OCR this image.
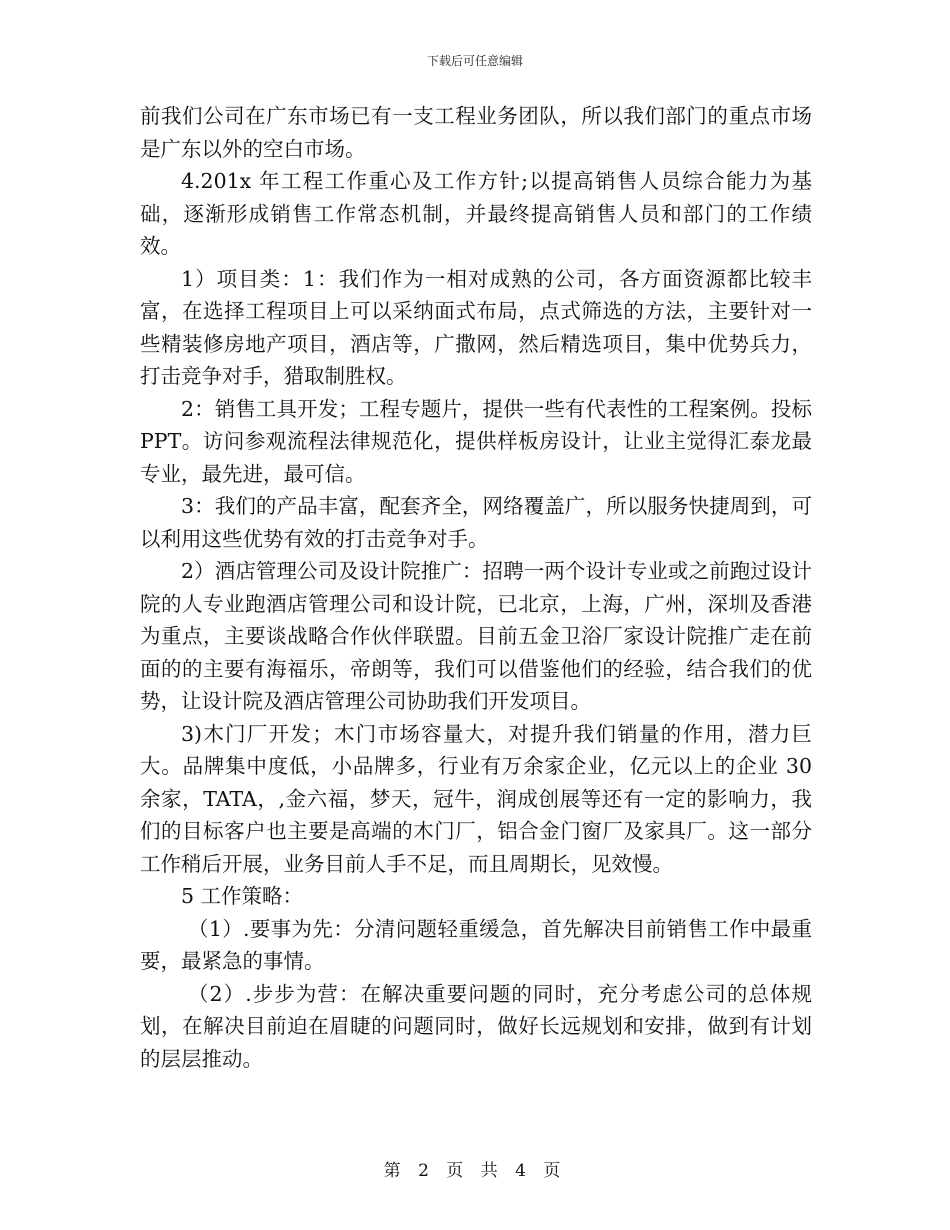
下载后可任意编辑

前我们公司在广东市场已有一支工程业务团队，所以我们部门的重点市场是广东以外的空白市场。

4.201x 年工程工作重心及工作方针;以提高销售人员综合能力为基础，逐渐形成销售工作常态机制，并最终提高销售人员和部门的工作绩效。

1）项目类：1：我们作为一相对成熟的公司，各方面资源都比较丰富，在选择工程项目上可以采纳面式布局，点式筛选的方法，主要针对一些精装修房地产项目，酒店等，广撒网，然后精选项目，集中优势兵力，打击竞争对手，猎取制胜权。

2：销售工具开发；工程专题片，提供一些有代表性的工程案例。投标 PPT。访问参观流程法律规范化，提供样板房设计，让业主觉得汇泰龙最专业，最先进，最可信。

3：我们的产品丰富，配套齐全，网络覆盖广，所以服务快捷周到，可以利用这些优势有效的打击竞争对手。

2）酒店管理公司及设计院推广：招聘一两个设计专业或之前跑过设计院的人专业跑酒店管理公司和设计院，已北京，上海，广州，深圳及香港为重点，主要谈战略合作伙伴联盟。目前五金卫浴厂家设计院推广走在前面的的主要有海福乐，帝朗等，我们可以借鉴他们的经验，结合我们的优势，让设计院及酒店管理公司协助我们开发项目。

3)木门厂开发；木门市场容量大，对提升我们销量的作用，潜力巨大。品牌集中度低，小品牌多，行业有万余家企业，亿元以上的企业 30 余家，TATA，,金六福，梦天，冠牛，润成创展等还有一定的影响力，我们的目标客户也主要是高端的木门厂，铝合金门窗厂及家具厂。这一部分工作稍后开展，业务目前人手不足，而且周期长，见效慢。

5 工作策略：

（1）.要事为先：分清问题轻重缓急，首先解决目前销售工作中最重要，最紧急的事情。

（2）.步步为营：在解决重要问题的同时，充分考虑公司的总体规划，在解决目前迫在眉睫的问题同时，做好长远规划和安排，做到有计划的层层推动。

第 2 页 共 4 页
